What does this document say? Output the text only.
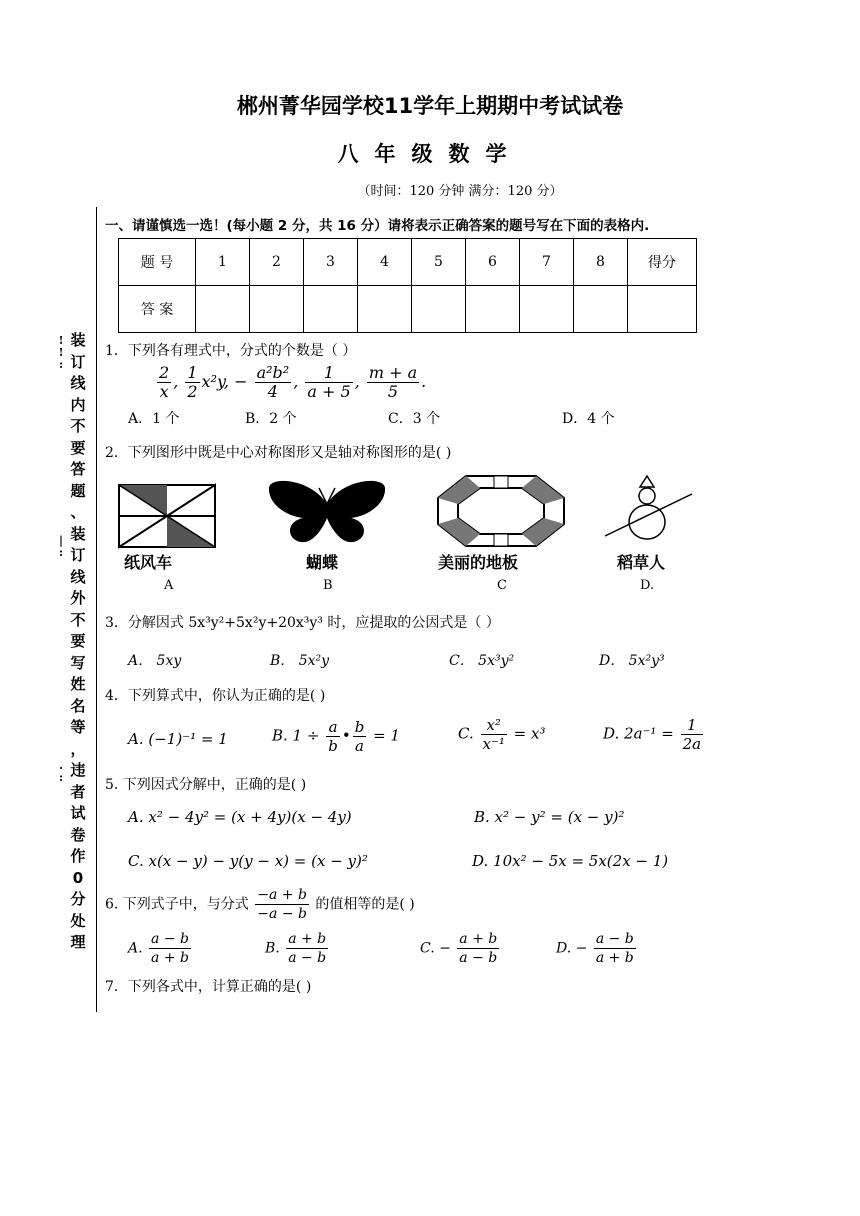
郴州菁华园学校11学年上期期中考试试卷
八年级数学
（时间：120 分钟 满分：120 分）
!
!
:
|
:
.
:
装
订
线
内
不
要
答
题
、
装
订
线
外
不
要
写
姓
名
等
，
违
者
试
卷
作
0
分
处
理
一、请谨慎选一选！(每小题 2 分，共 16 分）请将表示正确答案的题号写在下面的表格内.
题 号	1	2	3	4	5	6	7	8	得分
答 案									
1．下列各有理式中，分式的个数是（ ）
$\frac{2}{x}$ , $\frac{1}{2} x^2y$, − $\frac{\text{a²b²}}{4}$ , $\frac{1}{a + 5}$ , $\frac{m + a}{5}$ .
A．1 个	B．2 个	C．3 个	D．4 个
2．下列图形中既是中心对称图形又是轴对称图形的是( )
纸风车	蝴蝶	美丽的地板	稻草人
A	B	C	D.
3．分解因式 5x³y²+5x²y+20x³y³ 时，应提取的公因式是（ ）
A． 5xy	B． 5x²y	C． 5x³y²	D． 5x²y³
4．下列算式中，你认为正确的是( )
A. (−1)⁻¹ = 1	B. $1 \div \frac{a}{b}$ • $\frac{b}{a} = 1$	C. $\frac{\text{x²}}{\text{x⁻¹}} = x^3$	D. $2a^{-1} = \frac{1}{2a}$
5. 下列因式分解中，正确的是( )
A. x² − 4y² = (x + 4y)(x − 4y)	B. x² − y² = (x − y)²
C. x(x − y) − y(y − x) = (x − y)²	D. 10x² − 5x = 5x(2x − 1)
6. 下列式子中，与分式 $\frac{-a + b}{-a - b}$ 的值相等的是( )
A. $\frac{a - b}{a + b}$	B. $\frac{a + b}{a - b}$	C. − $\frac{a + b}{a - b}$	D. − $\frac{a - b}{a + b}$
7．下列各式中，计算正确的是( )
